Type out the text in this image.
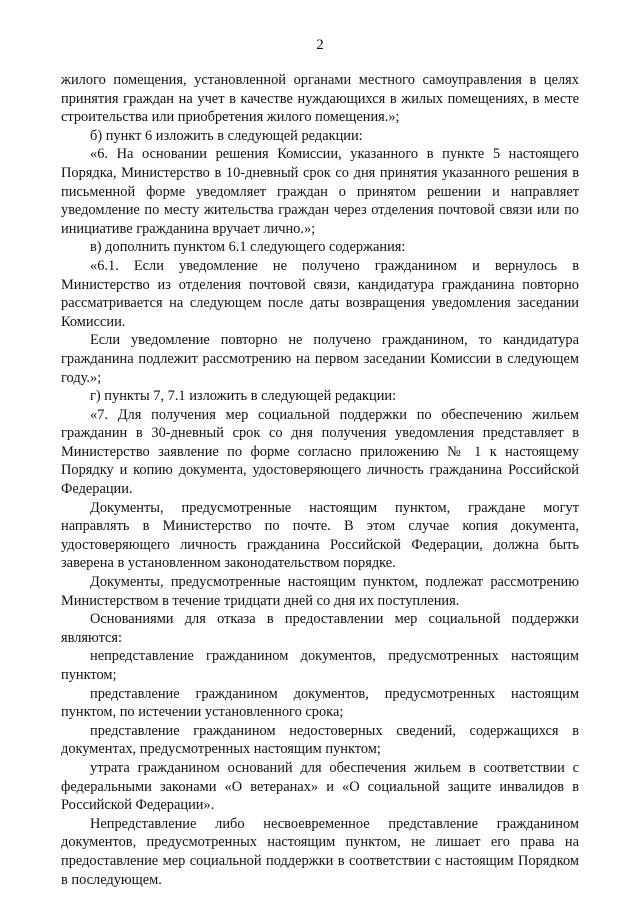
2

жилого помещения, установленной органами местного самоуправления в целях принятия граждан на учет в качестве нуждающихся в жилых помещениях, в месте строительства или приобретения жилого помещения.»;

б) пункт 6 изложить в следующей редакции:

«6. На основании решения Комиссии, указанного в пункте 5 настоящего Порядка, Министерство в 10-дневный срок со дня принятия указанного решения в письменной форме уведомляет граждан о принятом решении и направляет уведомление по месту жительства граждан через отделения почтовой связи или по инициативе гражданина вручает лично.»;

в) дополнить пунктом 6.1 следующего содержания:

«6.1. Если уведомление не получено гражданином и вернулось в Министерство из отделения почтовой связи, кандидатура гражданина повторно рассматривается на следующем после даты возвращения уведомления заседании Комиссии.

Если уведомление повторно не получено гражданином, то кандидатура гражданина подлежит рассмотрению на первом заседании Комиссии в следующем году.»;

г) пункты 7, 7.1 изложить в следующей редакции:

«7. Для получения мер социальной поддержки по обеспечению жильем гражданин в 30-дневный срок со дня получения уведомления представляет в Министерство заявление по форме согласно приложению № 1 к настоящему Порядку и копию документа, удостоверяющего личность гражданина Российской Федерации.

Документы, предусмотренные настоящим пунктом, граждане могут направлять в Министерство по почте. В этом случае копия документа, удостоверяющего личность гражданина Российской Федерации, должна быть заверена в установленном законодательством порядке.

Документы, предусмотренные настоящим пунктом, подлежат рассмотрению Министерством в течение тридцати дней со дня их поступления.

Основаниями для отказа в предоставлении мер социальной поддержки являются:

непредставление гражданином документов, предусмотренных настоящим пунктом;

представление гражданином документов, предусмотренных настоящим пунктом, по истечении установленного срока;

представление гражданином недостоверных сведений, содержащихся в документах, предусмотренных настоящим пунктом;

утрата гражданином оснований для обеспечения жильем в соответствии с федеральными законами «О ветеранах» и «О социальной защите инвалидов в Российской Федерации».

Непредставление либо несвоевременное представление гражданином документов, предусмотренных настоящим пунктом, не лишает его права на предоставление мер социальной поддержки в соответствии с настоящим Порядком в последующем.
